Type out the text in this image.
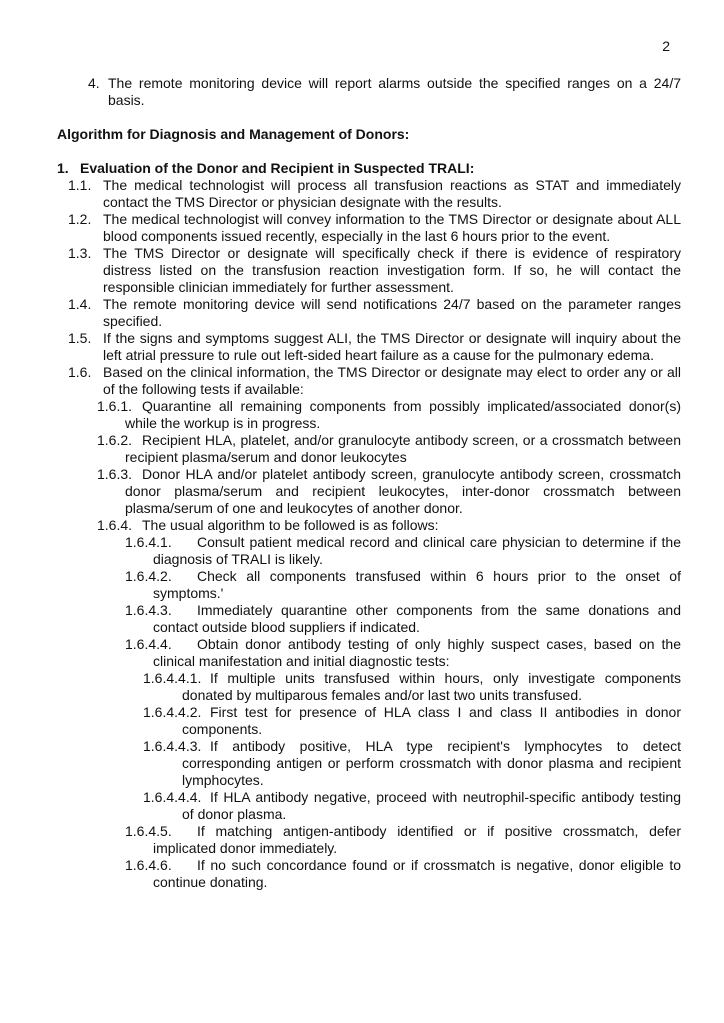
2
4. The remote monitoring device will report alarms outside the specified ranges on a 24/7 basis.
Algorithm for Diagnosis and Management of Donors:
1. Evaluation of the Donor and Recipient in Suspected TRALI:
1.1. The medical technologist will process all transfusion reactions as STAT and immediately contact the TMS Director or physician designate with the results.
1.2. The medical technologist will convey information to the TMS Director or designate about ALL blood components issued recently, especially in the last 6 hours prior to the event.
1.3. The TMS Director or designate will specifically check if there is evidence of respiratory distress listed on the transfusion reaction investigation form. If so, he will contact the responsible clinician immediately for further assessment.
1.4. The remote monitoring device will send notifications 24/7 based on the parameter ranges specified.
1.5. If the signs and symptoms suggest ALI, the TMS Director or designate will inquiry about the left atrial pressure to rule out left-sided heart failure as a cause for the pulmonary edema.
1.6. Based on the clinical information, the TMS Director or designate may elect to order any or all of the following tests if available:
1.6.1. Quarantine all remaining components from possibly implicated/associated donor(s) while the workup is in progress.
1.6.2. Recipient HLA, platelet, and/or granulocyte antibody screen, or a crossmatch between recipient plasma/serum and donor leukocytes
1.6.3. Donor HLA and/or platelet antibody screen, granulocyte antibody screen, crossmatch donor plasma/serum and recipient leukocytes, inter-donor crossmatch between plasma/serum of one and leukocytes of another donor.
1.6.4. The usual algorithm to be followed is as follows:
1.6.4.1. Consult patient medical record and clinical care physician to determine if the diagnosis of TRALI is likely.
1.6.4.2. Check all components transfused within 6 hours prior to the onset of symptoms.'
1.6.4.3. Immediately quarantine other components from the same donations and contact outside blood suppliers if indicated.
1.6.4.4. Obtain donor antibody testing of only highly suspect cases, based on the clinical manifestation and initial diagnostic tests:
1.6.4.4.1. If multiple units transfused within hours, only investigate components donated by multiparous females and/or last two units transfused.
1.6.4.4.2. First test for presence of HLA class I and class II antibodies in donor components.
1.6.4.4.3. If antibody positive, HLA type recipient's lymphocytes to detect corresponding antigen or perform crossmatch with donor plasma and recipient lymphocytes.
1.6.4.4.4. If HLA antibody negative, proceed with neutrophil-specific antibody testing of donor plasma.
1.6.4.5. If matching antigen-antibody identified or if positive crossmatch, defer implicated donor immediately.
1.6.4.6. If no such concordance found or if crossmatch is negative, donor eligible to continue donating.
